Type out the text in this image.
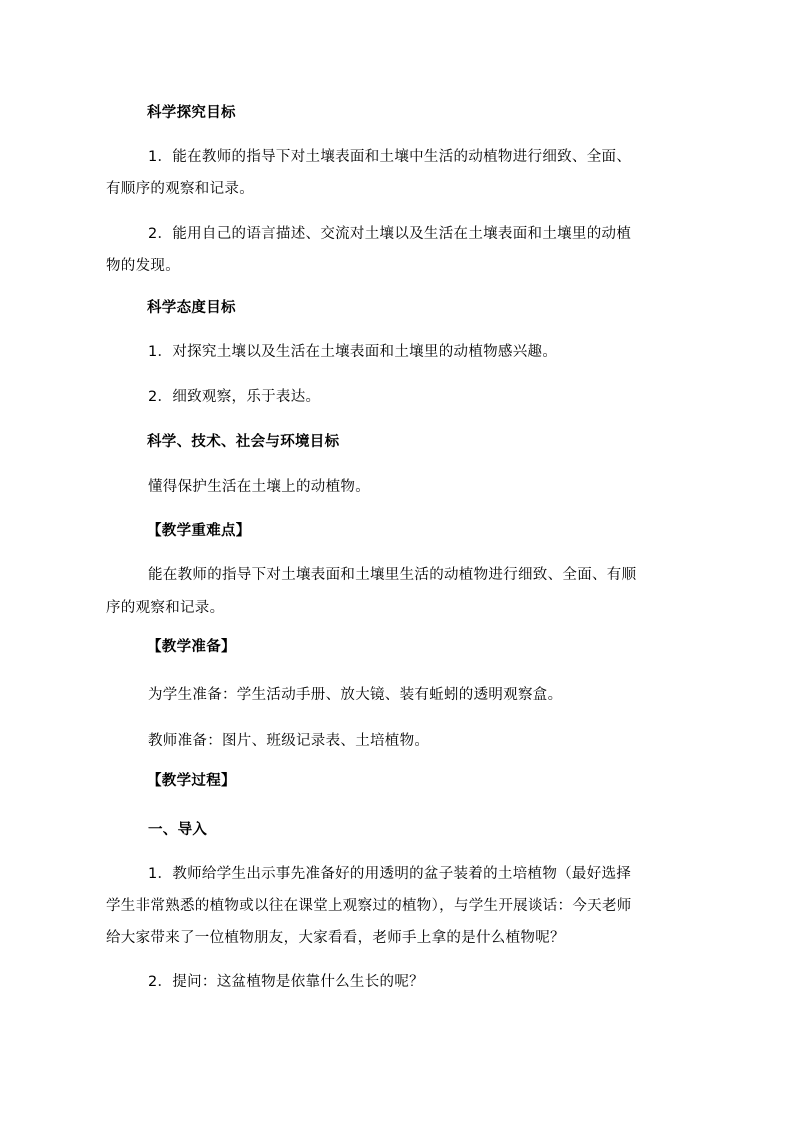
科学探究目标
1．能在教师的指导下对土壤表面和土壤中生活的动植物进行细致、全面、
有顺序的观察和记录。
2．能用自己的语言描述、交流对土壤以及生活在土壤表面和土壤里的动植
物的发现。
科学态度目标
1．对探究土壤以及生活在土壤表面和土壤里的动植物感兴趣。
2．细致观察，乐于表达。
科学、技术、社会与环境目标
懂得保护生活在土壤上的动植物。
【教学重难点】
能在教师的指导下对土壤表面和土壤里生活的动植物进行细致、全面、有顺
序的观察和记录。
【教学准备】
为学生准备：学生活动手册、放大镜、装有蚯蚓的透明观察盒。
教师准备：图片、班级记录表、土培植物。
【教学过程】
一、导入
1．教师给学生出示事先准备好的用透明的盆子装着的土培植物（最好选择
学生非常熟悉的植物或以往在课堂上观察过的植物），与学生开展谈话：今天老师
给大家带来了一位植物朋友，大家看看，老师手上拿的是什么植物呢？
2．提问：这盆植物是依靠什么生长的呢？
